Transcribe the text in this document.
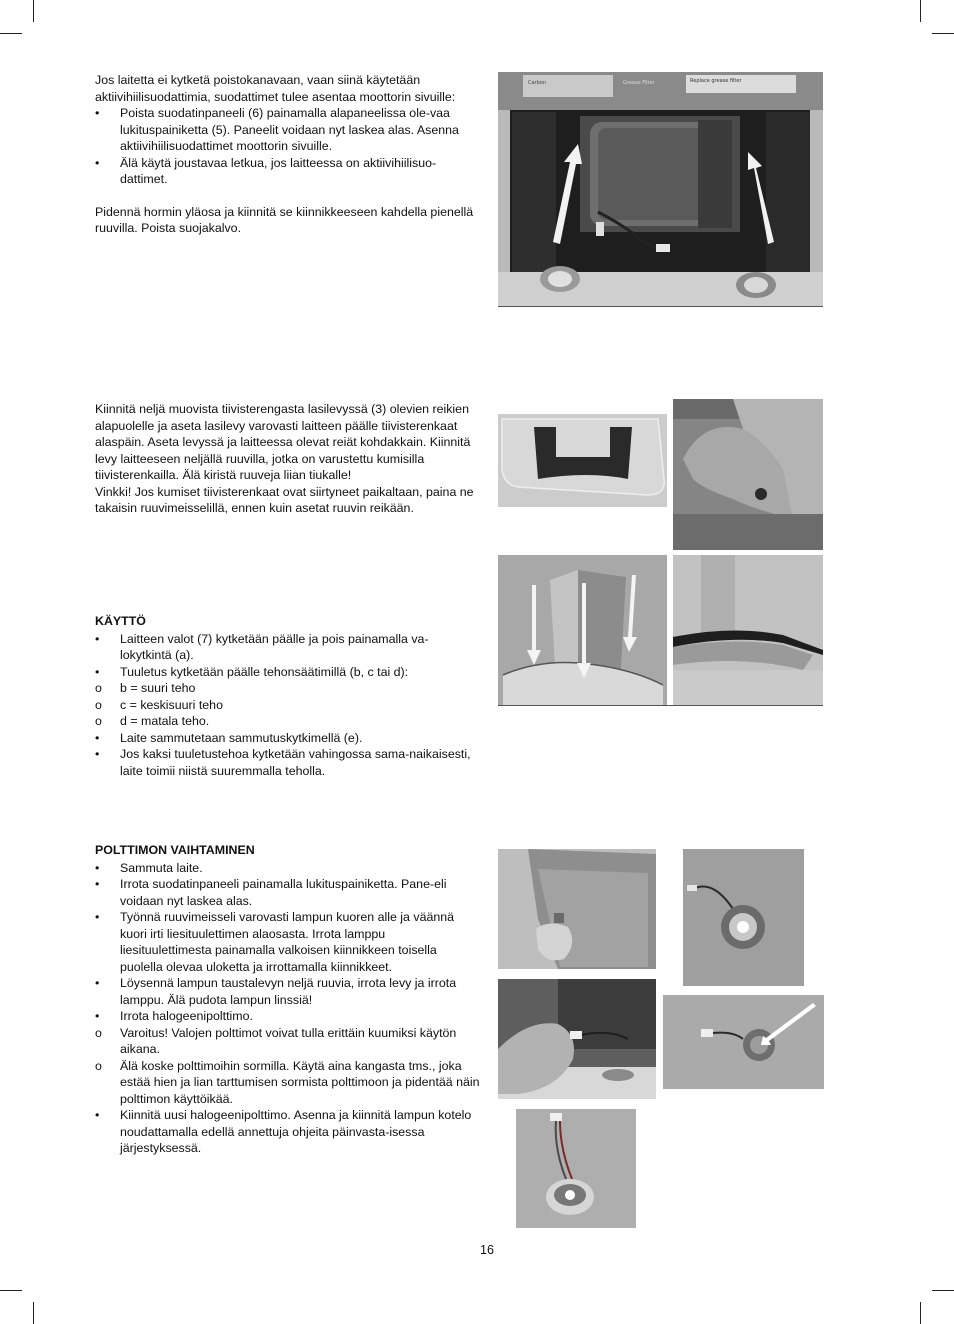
Jos laitetta ei kytketä poistokanavaan, vaan siinä käytetään aktiivihiilisuodattimia, suodattimet tulee asentaa moottorin sivuille:

•	Poista suodatinpaneeli (6) painamalla alapaneelissa ole-vaa lukituspainiketta (5). Paneelit voidaan nyt laskea alas. Asenna aktiivihiilisuodattimet moottorin sivuille.
•	Älä käytä joustavaa letkua, jos laitteessa on aktiivihiilisuo-dattimet.

Pidennä hormin yläosa ja kiinnitä se kiinnikkeeseen kahdella pienellä ruuvilla. Poista suojakalvo.

Kiinnitä neljä muovista tiivisterengasta lasilevyssä (3) olevien reikien alapuolelle ja aseta lasilevy varovasti laitteen päälle tiivisterenkaat alaspäin. Aseta levyssä ja laitteessa olevat reiät kohdakkain. Kiinnitä levy laitteeseen neljällä ruuvilla, jotka on varustettu kumisilla tiivisterenkailla. Älä kiristä ruuveja liian tiukalle!

Vinkki! Jos kumiset tiivisterenkaat ovat siirtyneet paikaltaan, paina ne takaisin ruuvimeisselillä, ennen kuin asetat ruuvin reikään.

KÄYTTÖ

•	Laitteen valot (7) kytketään päälle ja pois painamalla va-lokytkintä (a).
•	Tuuletus kytketään päälle tehonsäätimillä (b, c tai d):
o	b = suuri teho
o	c = keskisuuri teho
o	d = matala teho.
•	Laite sammutetaan sammutuskytkimellä (e).
•	Jos kaksi tuuletustehoa kytketään vahingossa sama-naikaisesti, laite toimii niistä suuremmalla teholla.

POLTTIMON VAIHTAMINEN

•	Sammuta laite.
•	Irrota suodatinpaneeli painamalla lukituspainiketta. Pane-eli voidaan nyt laskea alas.
•	Työnnä ruuvimeisseli varovasti lampun kuoren alle ja väännä kuori irti liesituulettimen alaosasta. Irrota lamppu liesituulettimesta painamalla valkoisen kiinnikkeen toisella puolella olevaa ulokettа ja irrottamalla kiinnikkeet.
•	Löysennä lampun taustalevyn neljä ruuvia, irrota levy ja irrota lamppu. Älä pudota lampun linssiä!
•	Irrota halogeenipolttimo.
o	Varoitus! Valojen polttimot voivat tulla erittäin kuumiksi käytön aikana.
o	Älä koske polttimoihin sormilla. Käytä aina kangasta tms., joka estää hien ja lian tarttumisen sormista polttimoon ja pidentää näin polttimon käyttöikää.
•	Kiinnitä uusi halogeenipolttimo. Asenna ja kiinnitä lampun kotelo noudattamalla edellä annettuja ohjeita päinvasta-isessa järjestyksessä.
Carbon	Grease Filter	Replace grease filter
16
